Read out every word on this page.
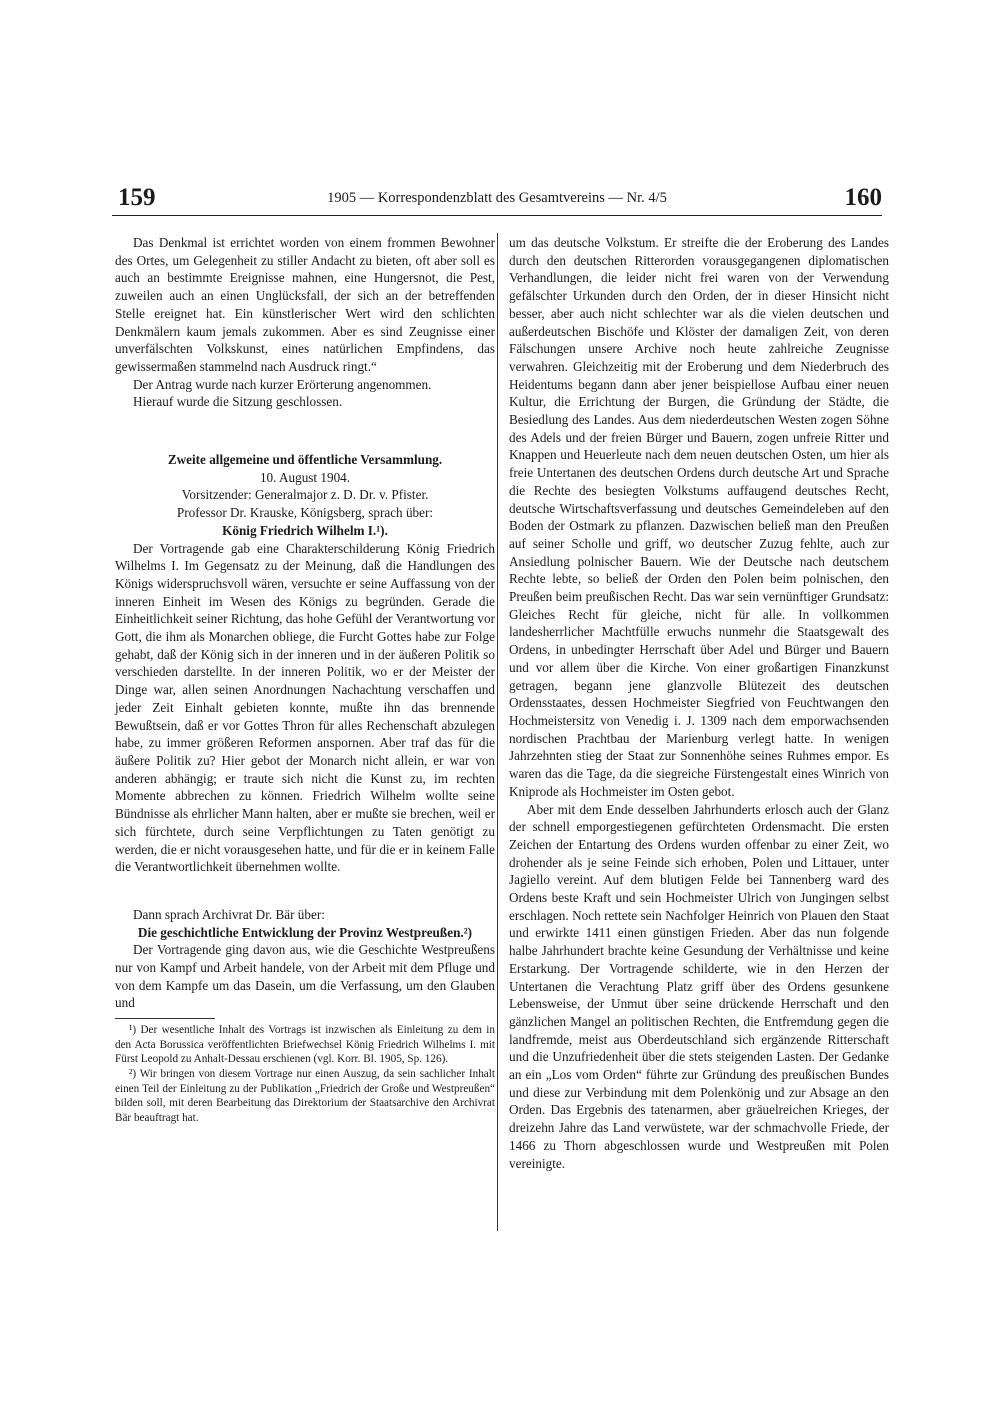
159	1905 — Korrespondenzblatt des Gesamtvereins — Nr. 4/5	160

Das Denkmal ist errichtet worden von einem frommen Bewohner des Ortes, um Gelegenheit zu stiller Andacht zu bieten, oft aber soll es auch an bestimmte Ereignisse mahnen, eine Hungersnot, die Pest, zuweilen auch an einen Unglücksfall, der sich an der betreffenden Stelle ereignet hat. Ein künstlerischer Wert wird den schlichten Denkmälern kaum jemals zukommen. Aber es sind Zeugnisse einer unverfälschten Volkskunst, eines natürlichen Empfindens, das gewissermaßen stammelnd nach Ausdruck ringt.“

Der Antrag wurde nach kurzer Erörterung angenommen.

Hierauf wurde die Sitzung geschlossen.

Zweite allgemeine und öffentliche Versammlung.

10. August 1904.

Vorsitzender: Generalmajor z. D. Dr. v. Pfister.

Professor Dr. Krauske, Königsberg, sprach über:

König Friedrich Wilhelm I.¹).

Der Vortragende gab eine Charakterschilderung König Friedrich Wilhelms I. Im Gegensatz zu der Meinung, daß die Handlungen des Königs widerspruchsvoll wären, versuchte er seine Auffassung von der inneren Einheit im Wesen des Königs zu begründen. Gerade die Einheitlichkeit seiner Richtung, das hohe Gefühl der Verantwortung vor Gott, die ihm als Monarchen obliege, die Furcht Gottes habe zur Folge gehabt, daß der König sich in der inneren und in der äußeren Politik so verschieden darstellte. In der inneren Politik, wo er der Meister der Dinge war, allen seinen Anordnungen Nachachtung verschaffen und jeder Zeit Einhalt gebieten konnte, mußte ihn das brennende Bewußtsein, daß er vor Gottes Thron für alles Rechenschaft abzulegen habe, zu immer größeren Reformen anspornen. Aber traf das für die äußere Politik zu? Hier gebot der Monarch nicht allein, er war von anderen abhängig; er traute sich nicht die Kunst zu, im rechten Momente abbrechen zu können. Friedrich Wilhelm wollte seine Bündnisse als ehrlicher Mann halten, aber er mußte sie brechen, weil er sich fürchtete, durch seine Verpflichtungen zu Taten genötigt zu werden, die er nicht vorausgesehen hatte, und für die er in keinem Falle die Verantwortlichkeit übernehmen wollte.

Dann sprach Archivrat Dr. Bär über:

Die geschichtliche Entwicklung der Provinz Westpreußen.²)

Der Vortragende ging davon aus, wie die Geschichte Westpreußens nur von Kampf und Arbeit handele, von der Arbeit mit dem Pfluge und von dem Kampfe um das Dasein, um die Verfassung, um den Glauben und

¹) Der wesentliche Inhalt des Vortrags ist inzwischen als Einleitung zu dem in den Acta Borussica veröffentlichten Briefwechsel König Friedrich Wilhelms I. mit Fürst Leopold zu Anhalt-Dessau erschienen (vgl. Korr. Bl. 1905, Sp. 126).

²) Wir bringen von diesem Vortrage nur einen Auszug, da sein sachlicher Inhalt einen Teil der Einleitung zu der Publikation „Friedrich der Große und Westpreußen“ bilden soll, mit deren Bearbeitung das Direktorium der Staatsarchive den Archivrat Bär beauftragt hat.

um das deutsche Volkstum. Er streifte die der Eroberung des Landes durch den deutschen Ritterorden vorausgegangenen diplomatischen Verhandlungen, die leider nicht frei waren von der Verwendung gefälschter Urkunden durch den Orden, der in dieser Hinsicht nicht besser, aber auch nicht schlechter war als die vielen deutschen und außerdeutschen Bischöfe und Klöster der damaligen Zeit, von deren Fälschungen unsere Archive noch heute zahlreiche Zeugnisse verwahren. Gleichzeitig mit der Eroberung und dem Niederbruch des Heidentums begann dann aber jener beispiellose Aufbau einer neuen Kultur, die Errichtung der Burgen, die Gründung der Städte, die Besiedlung des Landes. Aus dem niederdeutschen Westen zogen Söhne des Adels und der freien Bürger und Bauern, zogen unfreie Ritter und Knappen und Heuerleute nach dem neuen deutschen Osten, um hier als freie Untertanen des deutschen Ordens durch deutsche Art und Sprache die Rechte des besiegten Volkstums auffaugend deutsches Recht, deutsche Wirtschaftsverfassung und deutsches Gemeindeleben auf den Boden der Ostmark zu pflanzen. Dazwischen beließ man den Preußen auf seiner Scholle und griff, wo deutscher Zuzug fehlte, auch zur Ansiedlung polnischer Bauern. Wie der Deutsche nach deutschem Rechte lebte, so beließ der Orden den Polen beim polnischen, den Preußen beim preußischen Recht. Das war sein vernünftiger Grundsatz: Gleiches Recht für gleiche, nicht für alle. In vollkommen landesherrlicher Machtfülle erwuchs nunmehr die Staatsgewalt des Ordens, in unbedingter Herrschaft über Adel und Bürger und Bauern und vor allem über die Kirche. Von einer großartigen Finanzkunst getragen, begann jene glanzvolle Blütezeit des deutschen Ordensstaates, dessen Hochmeister Siegfried von Feuchtwangen den Hochmeistersitz von Venedig i. J. 1309 nach dem emporwachsenden nordischen Prachtbau der Marienburg verlegt hatte. In wenigen Jahrzehnten stieg der Staat zur Sonnenhöhe seines Ruhmes empor. Es waren das die Tage, da die siegreiche Fürstengestalt eines Winrich von Kniprode als Hochmeister im Osten gebot.

Aber mit dem Ende desselben Jahrhunderts erlosch auch der Glanz der schnell emporgestiegenen gefürchteten Ordensmacht. Die ersten Zeichen der Entartung des Ordens wurden offenbar zu einer Zeit, wo drohender als je seine Feinde sich erhoben, Polen und Littauer, unter Jagiello vereint. Auf dem blutigen Felde bei Tannenberg ward des Ordens beste Kraft und sein Hochmeister Ulrich von Jungingen selbst erschlagen. Noch rettete sein Nachfolger Heinrich von Plauen den Staat und erwirkte 1411 einen günstigen Frieden. Aber das nun folgende halbe Jahrhundert brachte keine Gesundung der Verhältnisse und keine Erstarkung. Der Vortragende schilderte, wie in den Herzen der Untertanen die Verachtung Platz griff über des Ordens gesunkene Lebensweise, der Unmut über seine drückende Herrschaft und den gänzlichen Mangel an politischen Rechten, die Entfremdung gegen die landfremde, meist aus Oberdeutschland sich ergänzende Ritterschaft und die Unzufriedenheit über die stets steigenden Lasten. Der Gedanke an ein „Los vom Orden“ führte zur Gründung des preußischen Bundes und diese zur Verbindung mit dem Polenkönig und zur Absage an den Orden. Das Ergebnis des tatenarmen, aber gräuelreichen Krieges, der dreizehn Jahre das Land verwüstete, war der schmachvolle Friede, der 1466 zu Thorn abgeschlossen wurde und Westpreußen mit Polen vereinigte.
